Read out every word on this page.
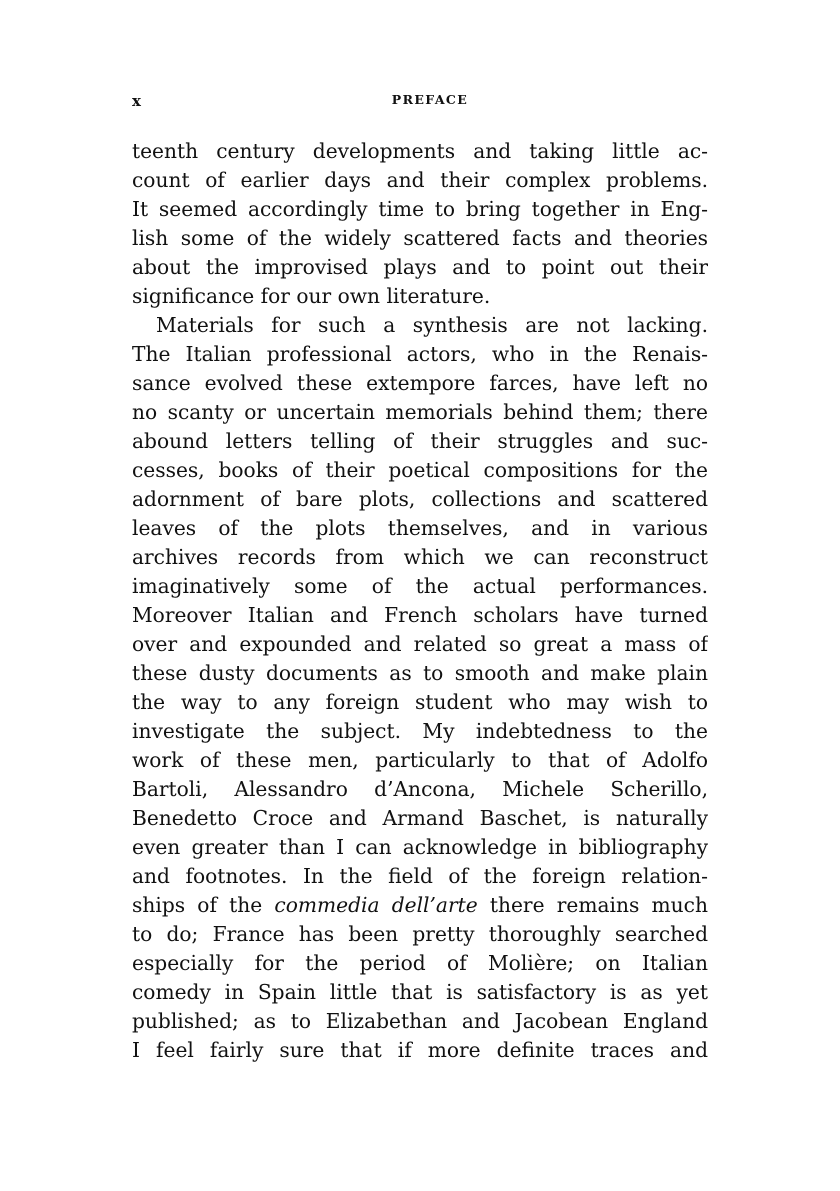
x	PREFACE
teenth century developments and taking little ac-
count of earlier days and their complex problems.
It seemed accordingly time to bring together in Eng-
lish some of the widely scattered facts and theories
about the improvised plays and to point out their
significance for our own literature.
Materials for such a synthesis are not lacking.
The Italian professional actors, who in the Renais-
sance evolved these extempore farces, have left no
no scanty or uncertain memorials behind them; there
abound letters telling of their struggles and suc-
cesses, books of their poetical compositions for the
adornment of bare plots, collections and scattered
leaves of the plots themselves, and in various
archives records from which we can reconstruct
imaginatively some of the actual performances.
Moreover Italian and French scholars have turned
over and expounded and related so great a mass of
these dusty documents as to smooth and make plain
the way to any foreign student who may wish to
investigate the subject. My indebtedness to the
work of these men, particularly to that of Adolfo
Bartoli, Alessandro d’Ancona, Michele Scherillo,
Benedetto Croce and Armand Baschet, is naturally
even greater than I can acknowledge in bibliography
and footnotes. In the field of the foreign relation-
ships of the commedia dell’arte there remains much
to do; France has been pretty thoroughly searched
especially for the period of Molière; on Italian
comedy in Spain little that is satisfactory is as yet
published; as to Elizabethan and Jacobean England
I feel fairly sure that if more definite traces and
